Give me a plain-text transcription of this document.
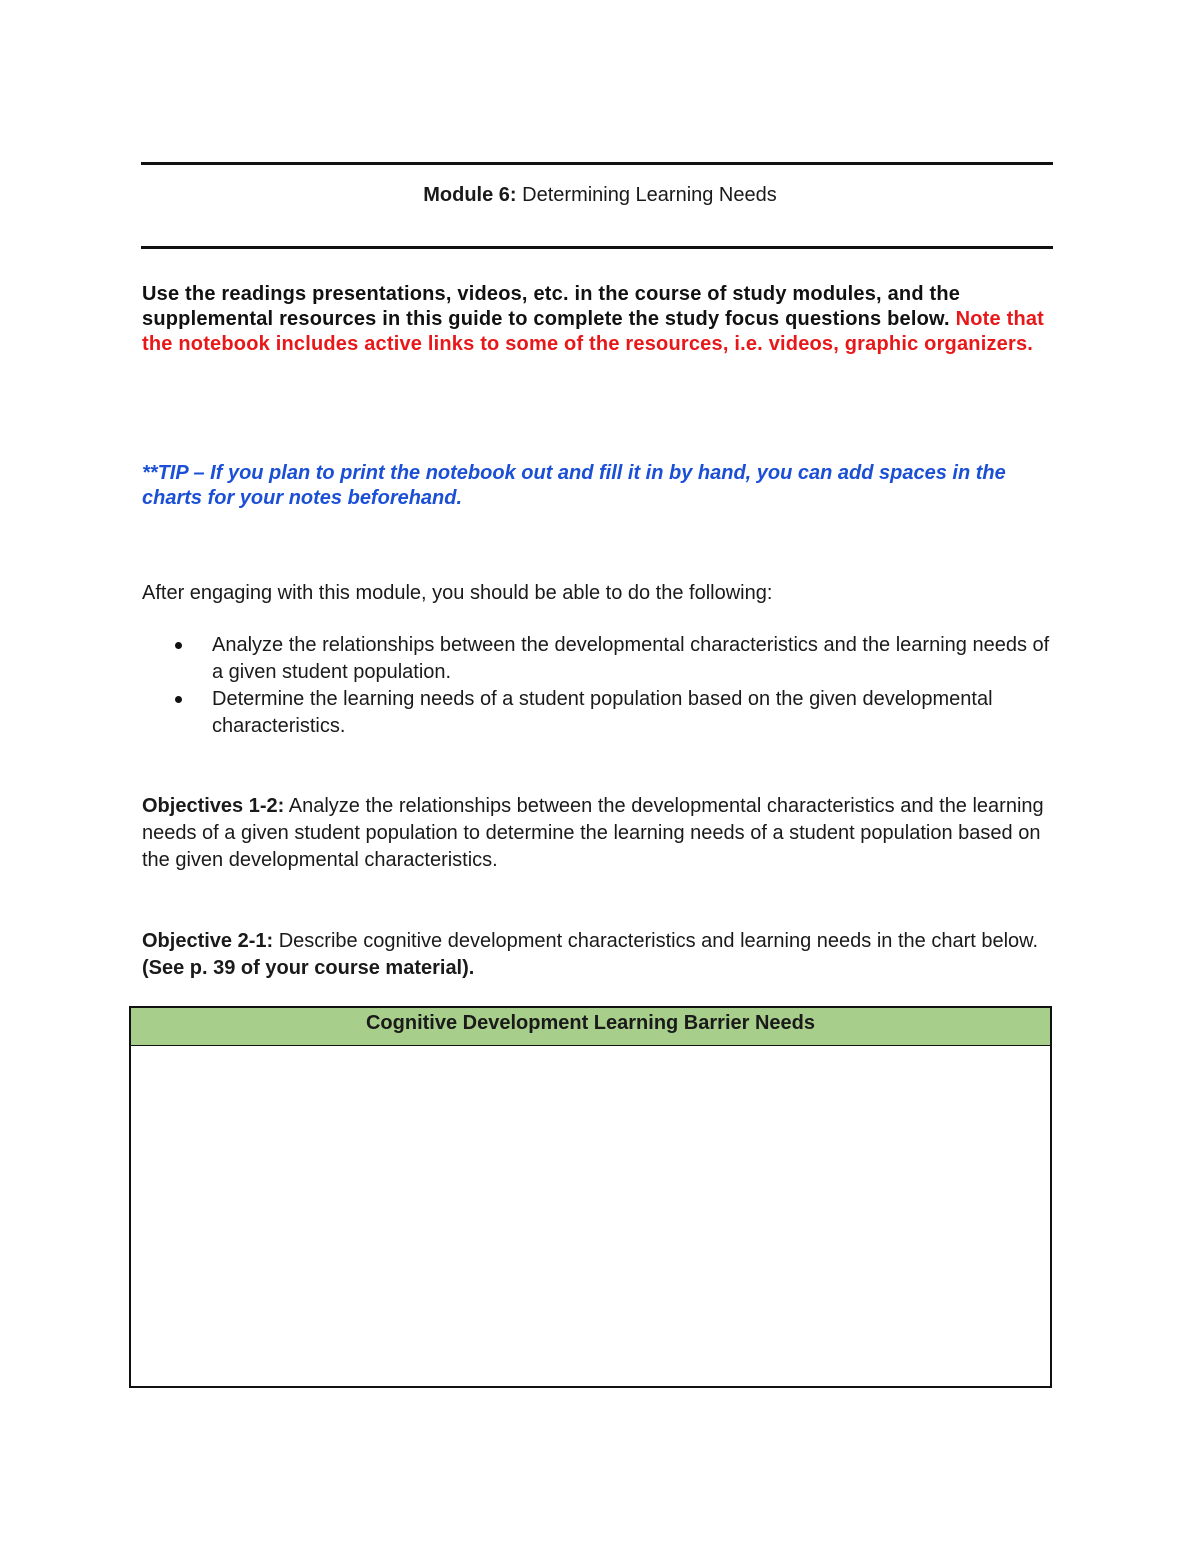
Module 6: Determining Learning Needs
Use the readings presentations, videos, etc. in the course of study modules, and the supplemental resources in this guide to complete the study focus questions below. Note that the notebook includes active links to some of the resources, i.e. videos, graphic organizers.
**TIP – If you plan to print the notebook out and fill it in by hand, you can add spaces in the charts for your notes beforehand.
After engaging with this module, you should be able to do the following:
Analyze the relationships between the developmental characteristics and the learning needs of a given student population.
Determine the learning needs of a student population based on the given developmental characteristics.
Objectives 1-2: Analyze the relationships between the developmental characteristics and the learning needs of a given student population to determine the learning needs of a student population based on the given developmental characteristics.
Objective 2-1: Describe cognitive development characteristics and learning needs in the chart below. (See p. 39 of your course material).
Cognitive Development Learning Barrier Needs
